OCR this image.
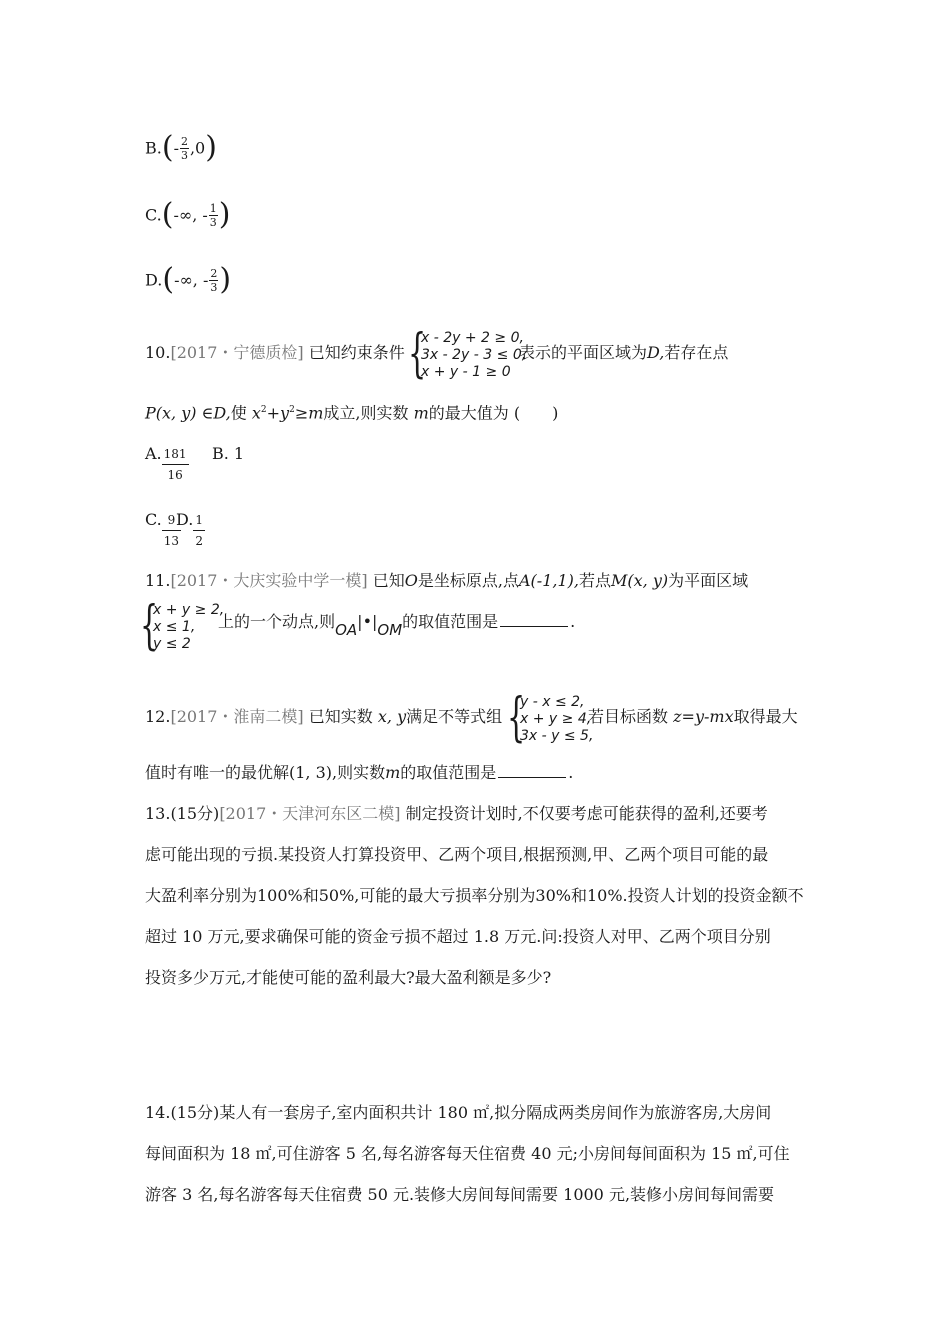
$B.(- \frac{2}{3} ,0)$
C.(-∞, - $\frac{1}{3}$ )
D.(-∞, - $\frac{2}{3}$ )
10.[2017・宁德质检] 已知约束条件 {
x - 2y + 2 ≥ 0,
3x - 2y - 3 ≤ 0,
x + y - 1 ≥ 0
表示的平面区域为D,若存在点
P(x, y) ∈D,使 $x^2+y^2\ge m$成立,则实数 m的最大值为 (　　)
A. $\frac{181}{16} B$. 1
C. $\frac{9}{13}$
D. $\frac{1}{2}$
11.[2017・大庆实验中学一模] 已知O是坐标原点,点A(-1,1),若点M(x, y)为平面区域
{
x + y ≥ 2,
x ≤ 1,
y ≤ 2
上的一个动点,则OA|•|OM的取值范围是	.
12.[2017・淮南二模] 已知实数 x, y满足不等式组 {
y - x ≤ 2,
x + y ≥ 4,
3x - y ≤ 5,
若目标函数 z=y-mx取得最大
值时有唯一的最优解(1, 3),则实数m的取值范围是	.
13.(15分)[2017・天津河东区二模] 制定投资计划时,不仅要考虑可能获得的盈利,还要考
虑可能出现的亏损.某投资人打算投资甲、乙两个项目,根据预测,甲、乙两个项目可能的最
大盈利率分别为100%和50%,可能的最大亏损率分别为30%和10%.投资人计划的投资金额不
超过 10 万元,要求确保可能的资金亏损不超过 1.8 万元.问:投资人对甲、乙两个项目分别
投资多少万元,才能使可能的盈利最大?最大盈利额是多少?
14.(15分)某人有一套房子,室内面积共计 180 ㎡,拟分隔成两类房间作为旅游客房,大房间
每间面积为 18 ㎡,可住游客 5 名,每名游客每天住宿费 40 元;小房间每间面积为 15 ㎡,可住
游客 3 名,每名游客每天住宿费 50 元.装修大房间每间需要 1000 元,装修小房间每间需要
